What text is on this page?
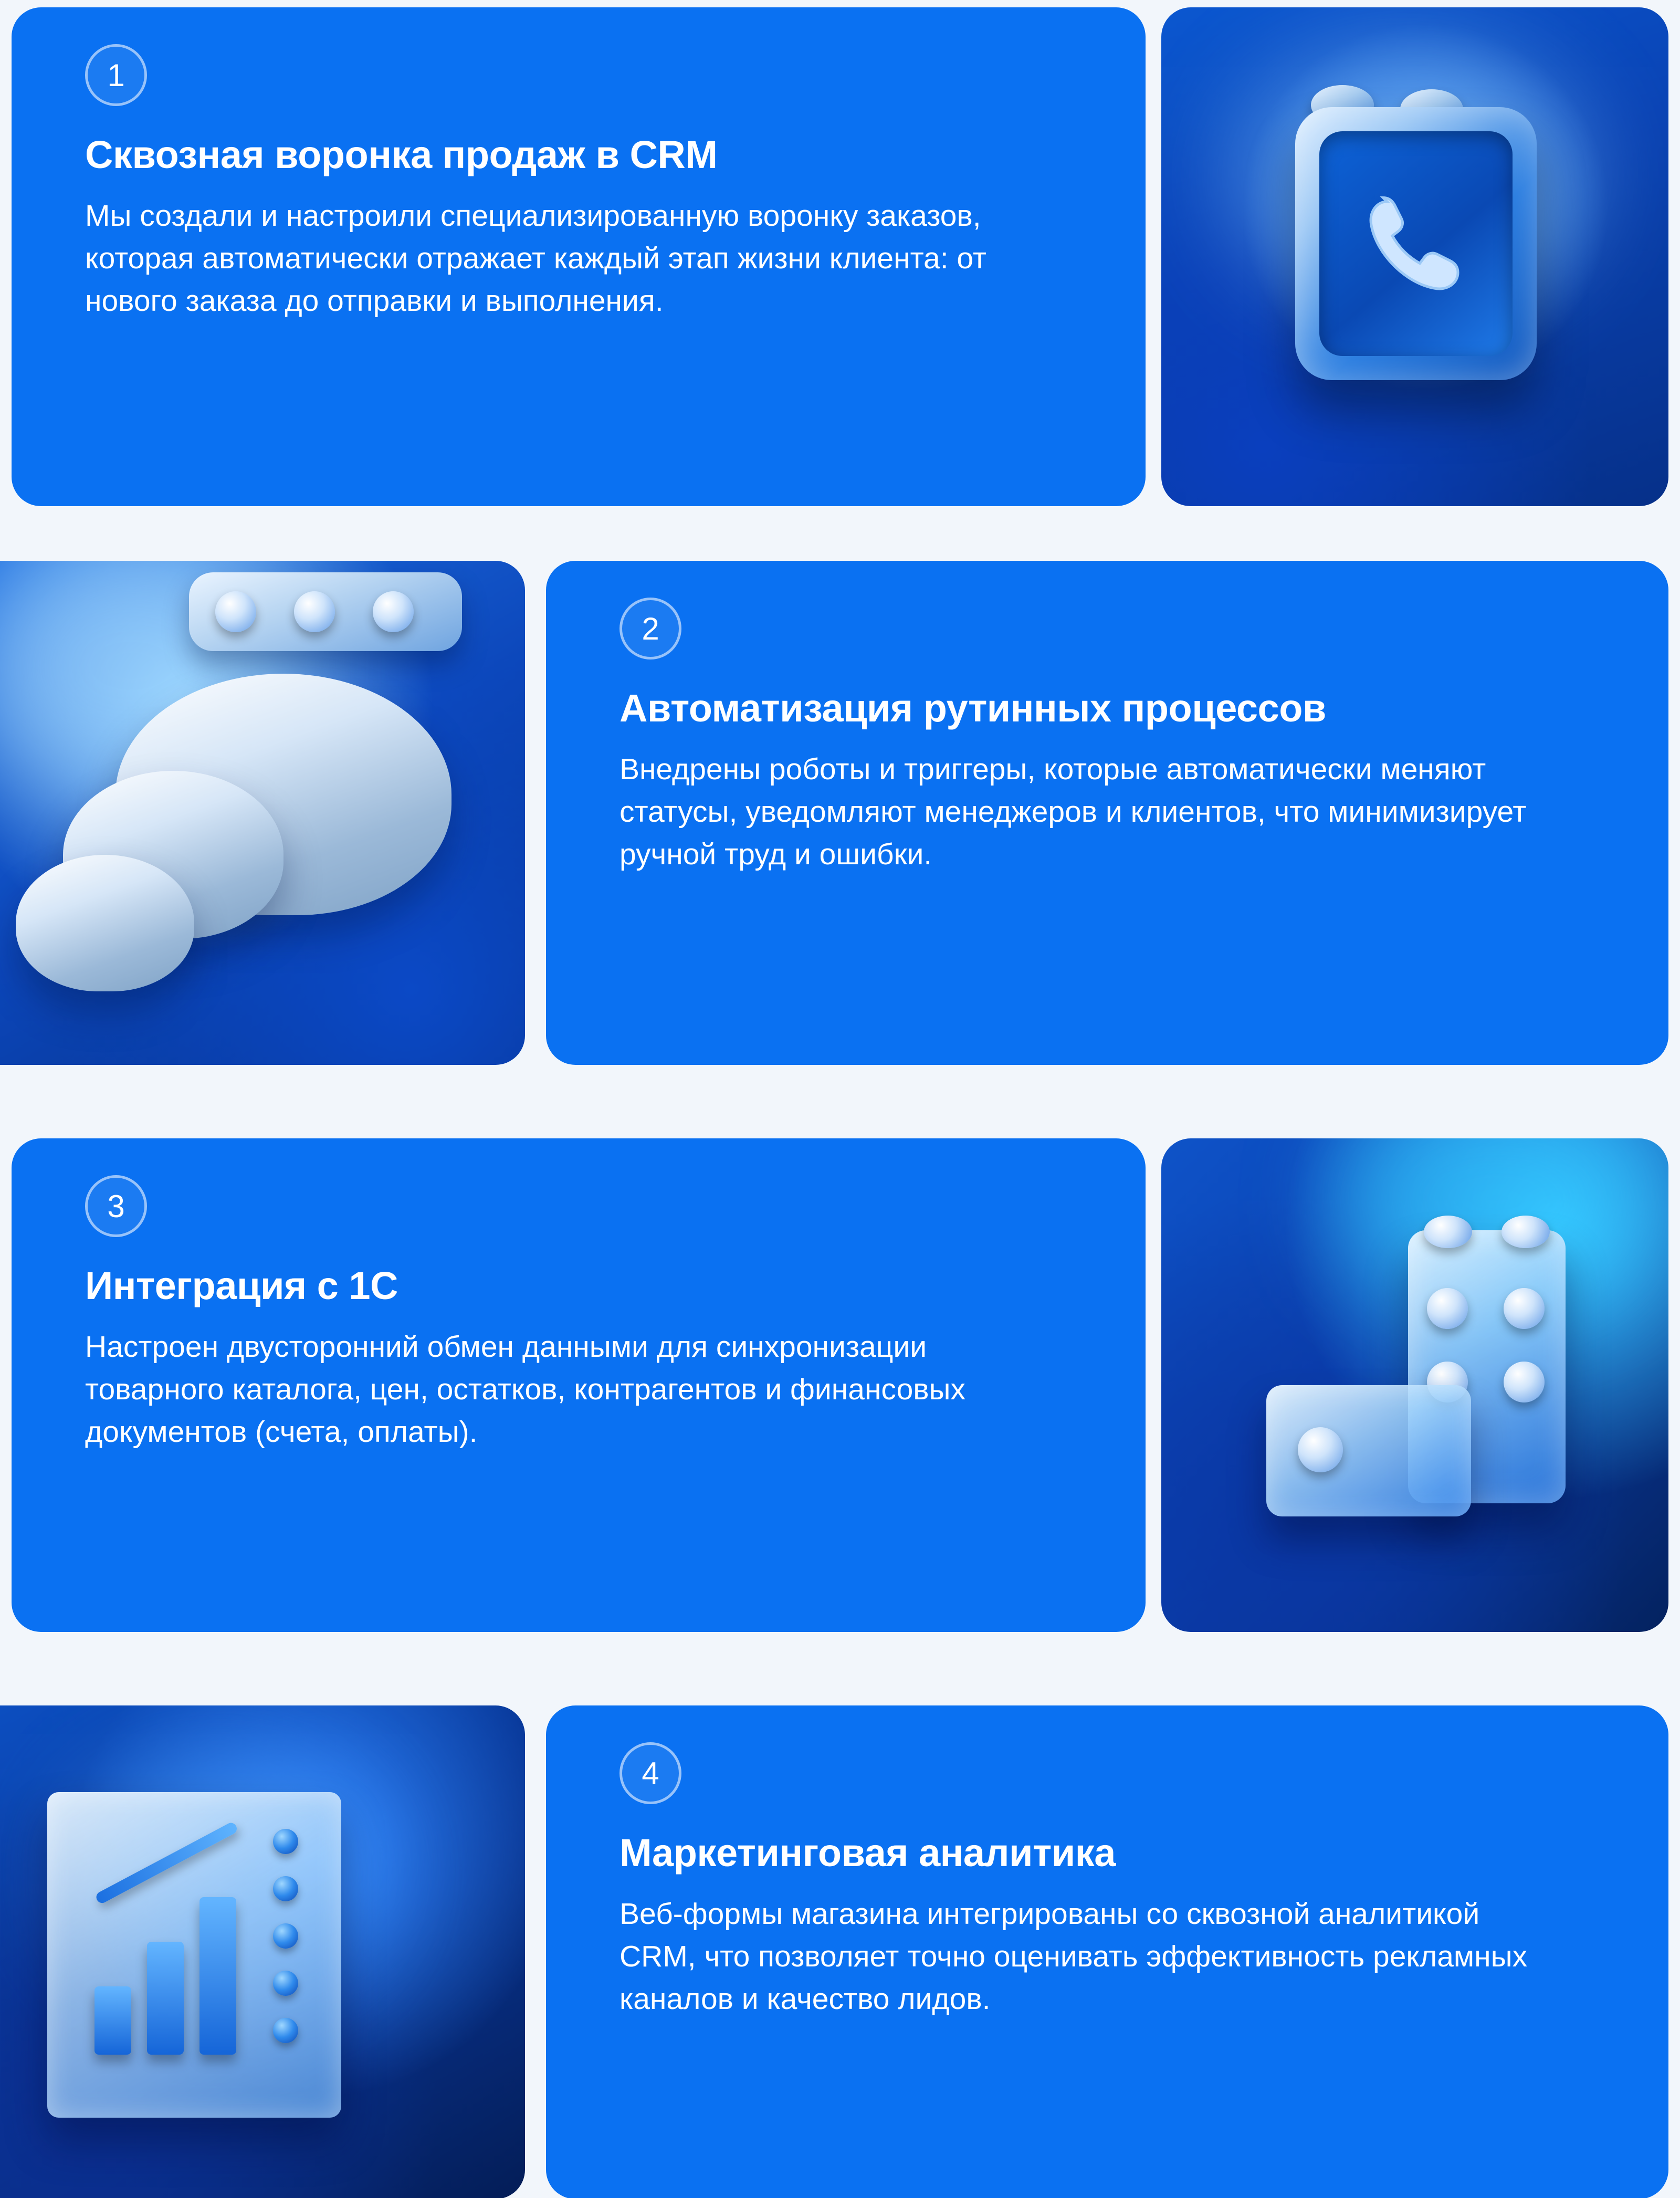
1
Сквозная воронка продаж в CRM
Мы создали и настроили специализированную воронку заказов, которая автоматически отражает каждый этап жизни клиента: от нового заказа до отправки и выполнения.
2
Автоматизация рутинных процессов
Внедрены роботы и триггеры, которые автоматически меняют статусы, уведомляют менеджеров и клиентов, что минимизирует ручной труд и ошибки.
3
Интеграция с 1С
Настроен двусторонний обмен данными для синхронизации товарного каталога, цен, остатков, контрагентов и финансовых документов (счета, оплаты).
4
Маркетинговая аналитика
Веб-формы магазина интегрированы со сквозной аналитикой CRM, что позволяет точно оценивать эффективность рекламных каналов и качество лидов.
